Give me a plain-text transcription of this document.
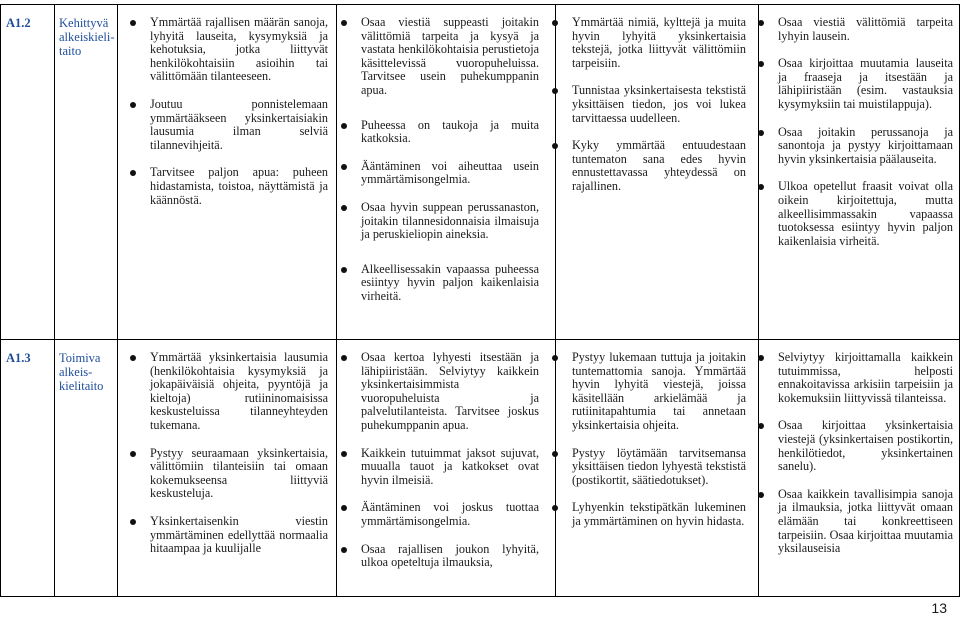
A1.2 Kehittyvä alkeiskieli-taito
Ymmärtää rajallisen määrän sanoja, lyhyitä lauseita, kysymyksiä ja kehotuksia, jotka liittyvät henkilökohtaisiin asioihin tai välittömään tilanteeseen.
Joutuu ponnistelemaan ymmärtääkseen yksinkertaisiakin lausumia ilman selviä tilannevihjeitä.
Tarvitsee paljon apua: puheen hidastamista, toistoa, näyttämistä ja käännöstä.
Osaa viestiä suppeasti joitakin välittömiä tarpeita ja kysyä ja vastata henkilökohtaisia perustietoja käsittelevissä vuoropuheluissa. Tarvitsee usein puhekumppanin apua.
Puheessa on taukoja ja muita katkoksia.
Ääntäminen voi aiheuttaa usein ymmärtämisongelmia.
Osaa hyvin suppean perussanaston, joitakin tilannesidonnaisia ilmaisuja ja peruskieliopin aineksia.
Alkeellisessakin vapaassa puheessa esiintyy hyvin paljon kaikenlaisia virheitä.
Ymmärtää nimiä, kylttejä ja muita hyvin lyhyitä yksinkertaisia tekstejä, jotka liittyvät välittömiin tarpeisiin.
Tunnistaa yksinkertaisesta tekstistä yksittäisen tiedon, jos voi lukea tarvittaessa uudelleen.
Kyky ymmärtää entuudestaan tuntematon sana edes hyvin ennustettavassa yhteydessä on rajallinen.
Osaa viestiä välittömiä tarpeita lyhyin lausein.
Osaa kirjoittaa muutamia lauseita ja fraaseja ja itsestään ja lähipiiristään (esim. vastauksia kysymyksiin tai muistilappuja).
Osaa joitakin perussanoja ja sanontoja ja pystyy kirjoittamaan hyvin yksinkertaisia päälauseita.
Ulkoa opetellut fraasit voivat olla oikein kirjoitettuja, mutta alkeellisimmassakin vapaassa tuotoksessa esiintyy hyvin paljon kaikenlaisia virheitä.
A1.3 Toimiva alkeis-kielitaito
Ymmärtää yksinkertaisia lausumia (henkilökohtaisia kysymyksiä ja jokapäiväisiä ohjeita, pyyntöjä ja kieltoja) rutiininomaisissa keskusteluissa tilanneyhteyden tukemana.
Pystyy seuraamaan yksinkertaisia, välittömiin tilanteisiin tai omaan kokemukseensa liittyviä keskusteluja.
Yksinkertaisenkin viestin ymmärtäminen edellyttää normaalia hitaampaa ja kuulijalle
Osaa kertoa lyhyesti itsestään ja lähipiiristään. Selviytyy kaikkein yksinkertaisimmista vuoropuheluista ja palvelutilanteista. Tarvitsee joskus puhekumppanin apua.
Kaikkein tutuimmat jaksot sujuvat, muualla tauot ja katkokset ovat hyvin ilmeisiä.
Ääntäminen voi joskus tuottaa ymmärtämisongelmia.
Osaa rajallisen joukon lyhyitä, ulkoa opeteltuja ilmauksia,
Pystyy lukemaan tuttuja ja joitakin tuntemattomia sanoja. Ymmärtää hyvin lyhyitä viestejä, joissa käsitellään arkielämää ja rutiinitapahtumia tai annetaan yksinkertaisia ohjeita.
Pystyy löytämään tarvitsemansa yksittäisen tiedon lyhyestä tekstistä (postikortit, säätiedotukset).
Lyhyenkin tekstipätkän lukeminen ja ymmärtäminen on hyvin hidasta.
Selviytyy kirjoittamalla kaikkein tutuimmissa, helposti ennakoitavissa arkisiin tarpeisiin ja kokemuksiin liittyvissä tilanteissa.
Osaa kirjoittaa yksinkertaisia viestejä (yksinkertaisen postikortin, henkilötiedot, yksinkertainen sanelu).
Osaa kaikkein tavallisimpia sanoja ja ilmauksia, jotka liittyvät omaan elämään tai konkreettiseen tarpeisiin. Osaa kirjoittaa muutamia yksilauseisia
13
